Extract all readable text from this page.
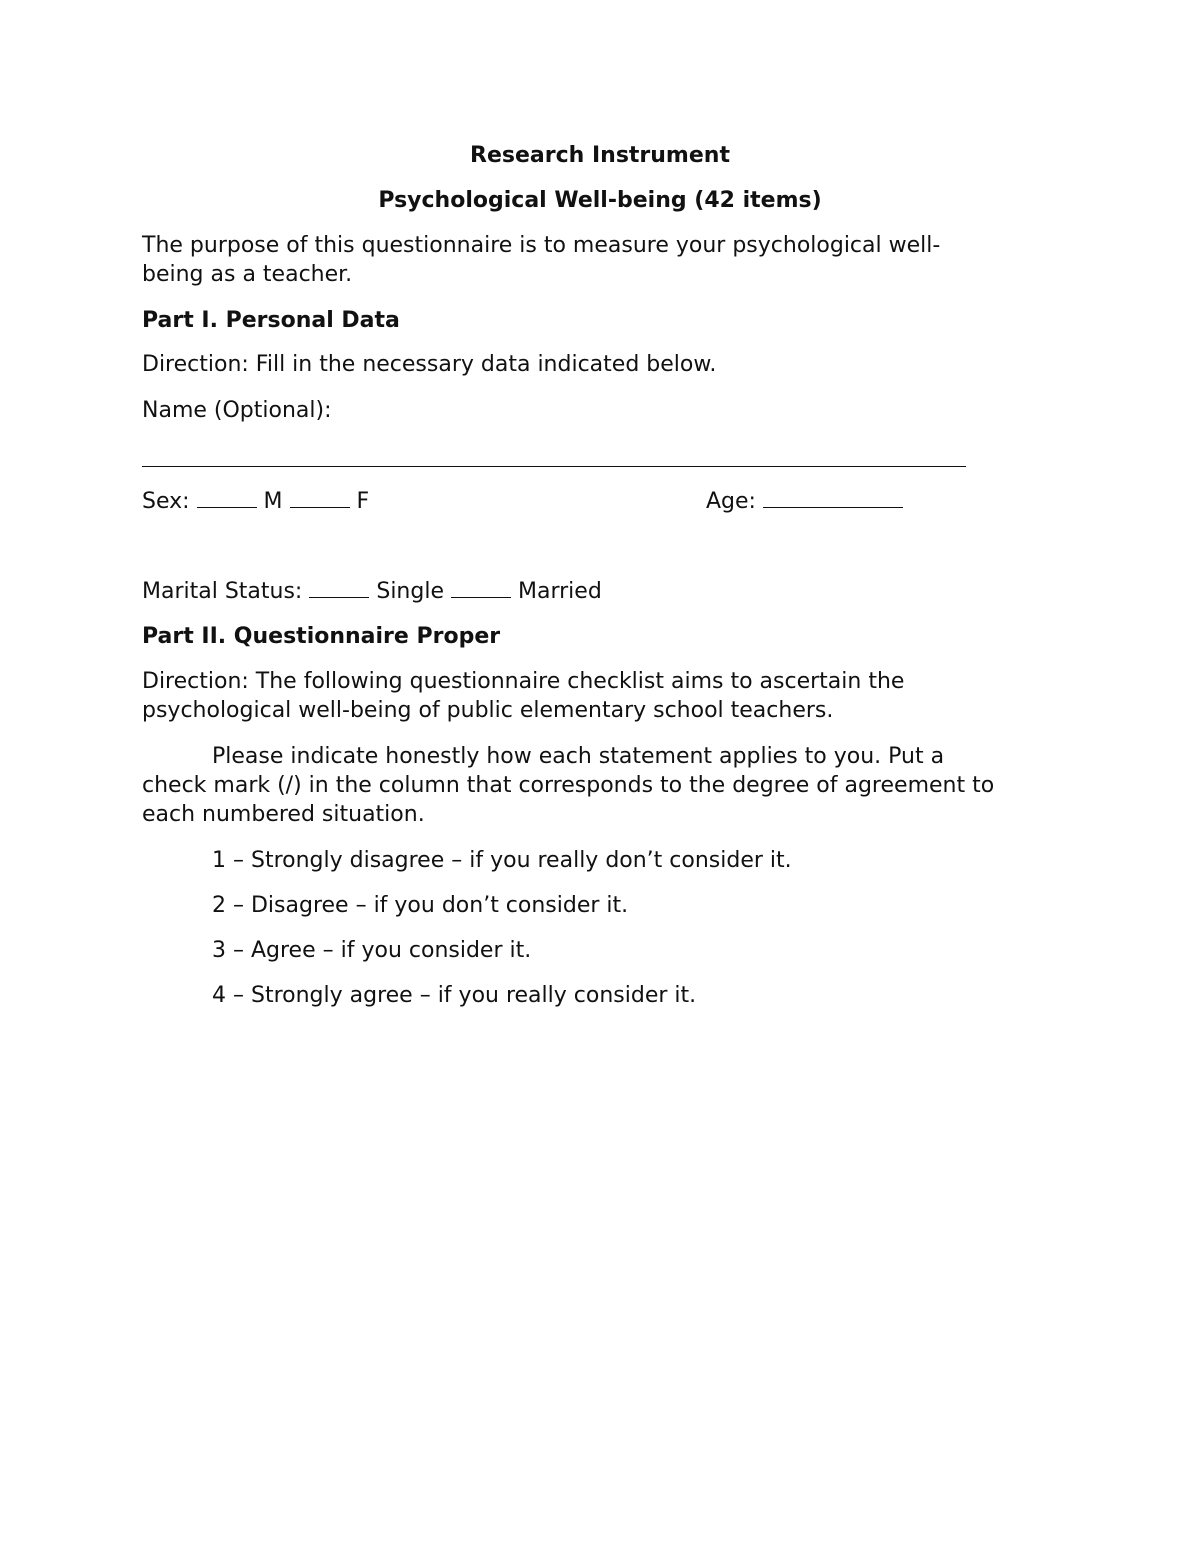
Research Instrument
Psychological Well-being (42 items)
The purpose of this questionnaire is to measure your psychological well-
being as a teacher.
Part I. Personal Data
Direction: Fill in the necessary data indicated below.
Name (Optional):
Sex:	M	F	Age:
Marital Status:	Single	Married
Part II. Questionnaire Proper
Direction: The following questionnaire checklist aims to ascertain the
psychological well-being of public elementary school teachers.
Please indicate honestly how each statement applies to you. Put a
check mark (/) in the column that corresponds to the degree of agreement to
each numbered situation.
1 – Strongly disagree – if you really don’t consider it.
2 – Disagree – if you don’t consider it.
3 – Agree – if you consider it.
4 – Strongly agree – if you really consider it.
